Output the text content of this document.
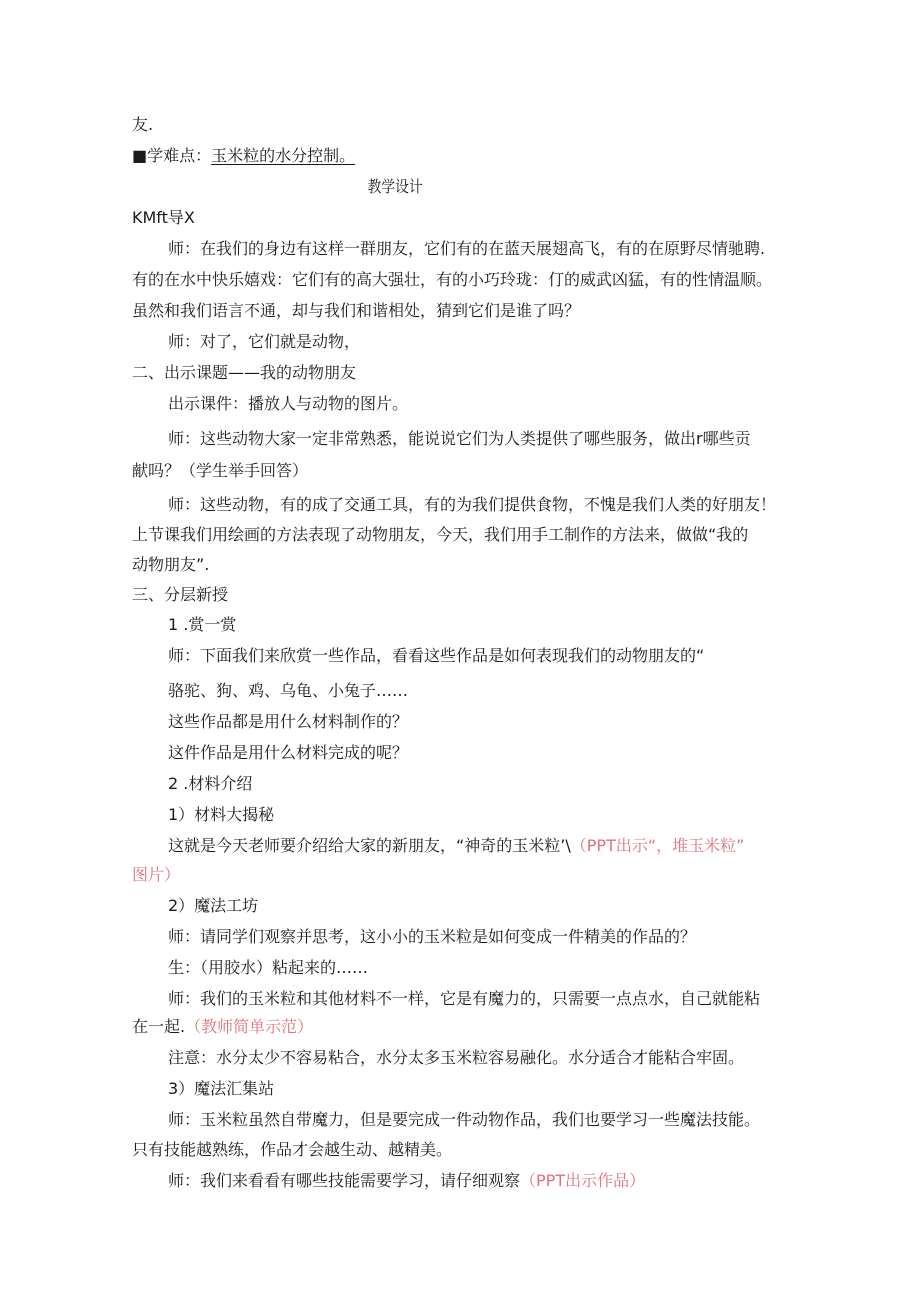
友.
■学难点：玉米粒的水分控制。
教学设计
KMft导X
师：在我们的身边有这样一群朋友，它们有的在蓝天展翅高飞，有的在原野尽情驰聘.
有的在水中快乐嬉戏：它们有的高大强壮，有的小巧玲珑：仃的威武凶猛，有的性情温顺。
虽然和我们语言不通，却与我们和谐相处，猜到它们是谁了吗？
师：对了，它们就是动物，
二、出示课题——我的动物朋友
出示课件：播放人与动物的图片。
师：这些动物大家一定非常熟悉，能说说它们为人类提供了哪些服务，做出r哪些贡
献吗？（学生举手回答）
师：这些动物，有的成了交通工具，有的为我们提供食物，不愧是我们人类的好朋友！
上节课我们用绘画的方法表现了动物朋友，今天，我们用手工制作的方法来，做做“我的
动物朋友”.
三、分层新授
1 .赏一赏
师：下面我们来欣赏一些作品，看看这些作品是如何表现我们的动物朋友的“
骆驼、狗、鸡、乌龟、小兔子……
这些作品都是用什么材料制作的？
这件作品是用什么材料完成的呢？
2 .材料介绍
1）材料大揭秘
这就是今天老师要介绍给大家的新朋友，“神奇的玉米粒’\（PPT出示“，堆玉米粒”
图片）
2）魔法工坊
师：请同学们观察并思考，这小小的玉米粒是如何变成一件精美的作品的？
生：（用胶水）粘起来的……
师：我们的玉米粒和其他材料不一样，它是有魔力的，只需要一点点水，自己就能粘
在一起.（教师简单示范）
注意：水分太少不容易粘合，水分太多玉米粒容易融化。水分适合才能粘合牢固。
3）魔法汇集站
师：玉米粒虽然自带魔力，但是要完成一件动物作品，我们也要学习一些魔法技能。
只有技能越熟练，作品才会越生动、越精美。
师：我们来看看有哪些技能需要学习，请仔细观察（PPT出示作品）
